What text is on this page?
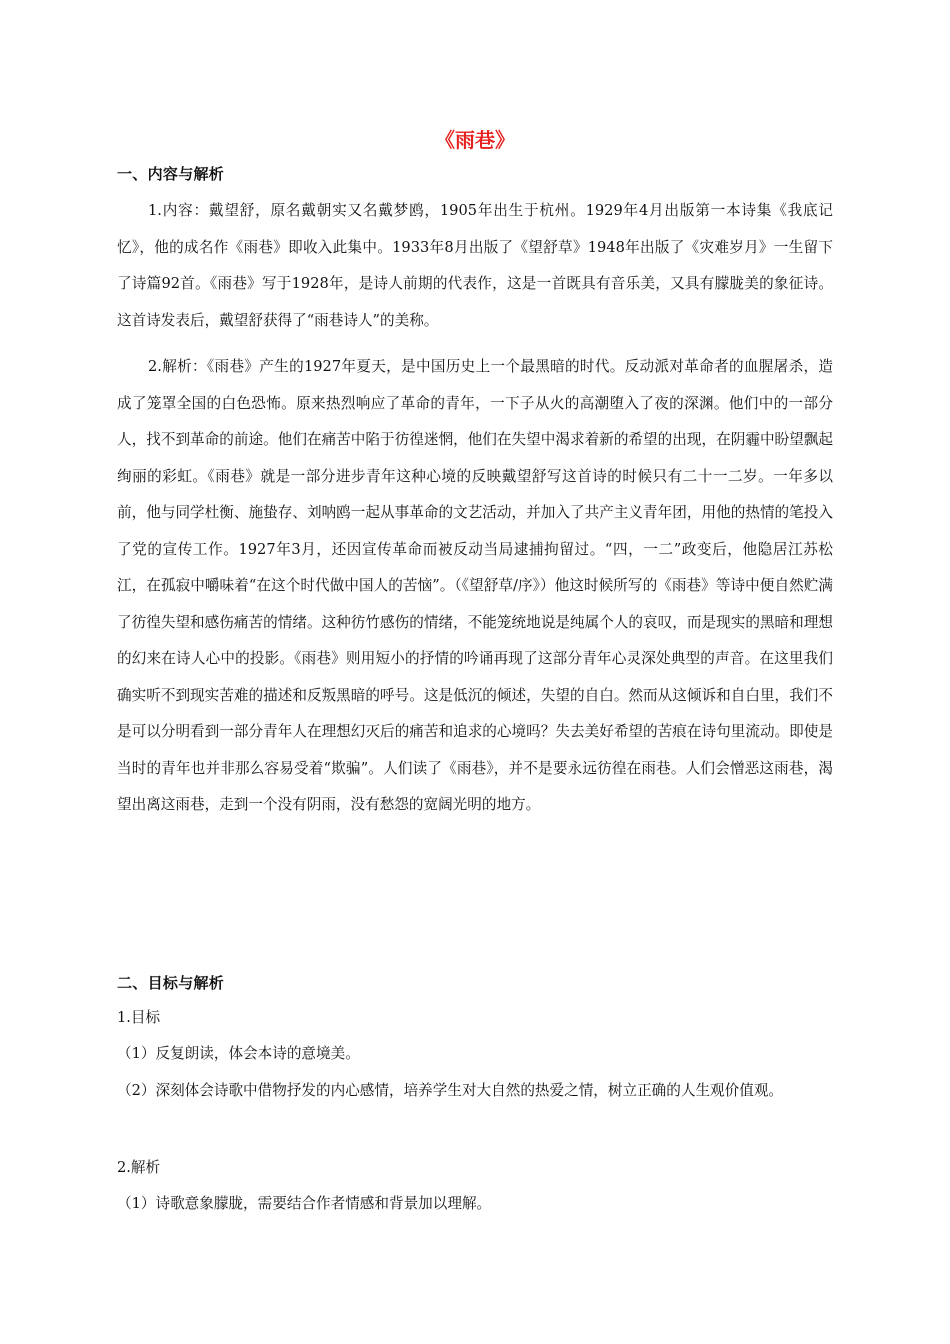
《雨巷》
一、内容与解析
1.内容：戴望舒，原名戴朝实又名戴梦鸥，1905年出生于杭州。1929年4月出版第一本诗集《我底记忆》，他的成名作《雨巷》即收入此集中。1933年8月出版了《望舒草》1948年出版了《灾难岁月》一生留下了诗篇92首。《雨巷》写于1928年，是诗人前期的代表作，这是一首既具有音乐美，又具有朦胧美的象征诗。这首诗发表后，戴望舒获得了“雨巷诗人”的美称。
2.解析：《雨巷》产生的1927年夏天，是中国历史上一个最黑暗的时代。反动派对革命者的血腥屠杀，造成了笼罩全国的白色恐怖。原来热烈响应了革命的青年，一下子从火的高潮堕入了夜的深渊。他们中的一部分人，找不到革命的前途。他们在痛苦中陷于彷徨迷惘，他们在失望中渴求着新的希望的出现，在阴霾中盼望飘起绚丽的彩虹。《雨巷》就是一部分进步青年这种心境的反映戴望舒写这首诗的时候只有二十一二岁。一年多以前，他与同学杜衡、施蛰存、刘呐鸥一起从事革命的文艺活动，并加入了共产主义青年团，用他的热情的笔投入了党的宣传工作。1927年3月，还因宣传革命而被反动当局逮捕拘留过。“四，一二”政变后，他隐居江苏松江，在孤寂中嚼味着“在这个时代做中国人的苦恼”。（《望舒草/序》）他这时候所写的《雨巷》等诗中便自然贮满了彷徨失望和感伤痛苦的情绪。这种彷竹感伤的情绪，不能笼统地说是纯属个人的哀叹，而是现实的黑暗和理想的幻来在诗人心中的投影。《雨巷》则用短小的抒情的吟诵再现了这部分青年心灵深处典型的声音。在这里我们确实听不到现实苦难的描述和反叛黑暗的呼号。这是低沉的倾述，失望的自白。然而从这倾诉和自白里，我们不是可以分明看到一部分青年人在理想幻灭后的痛苦和追求的心境吗？失去美好希望的苦痕在诗句里流动。即使是当时的青年也并非那么容易受着“欺骗”。人们读了《雨巷》，并不是要永远彷徨在雨巷。人们会憎恶这雨巷，渴望出离这雨巷，走到一个没有阴雨，没有愁怨的宽阔光明的地方。
二、目标与解析
1.目标
（1）反复朗读，体会本诗的意境美。
（2）深刻体会诗歌中借物抒发的内心感情，培养学生对大自然的热爱之情，树立正确的人生观价值观。
2.解析
（1）诗歌意象朦胧，需要结合作者情感和背景加以理解。
